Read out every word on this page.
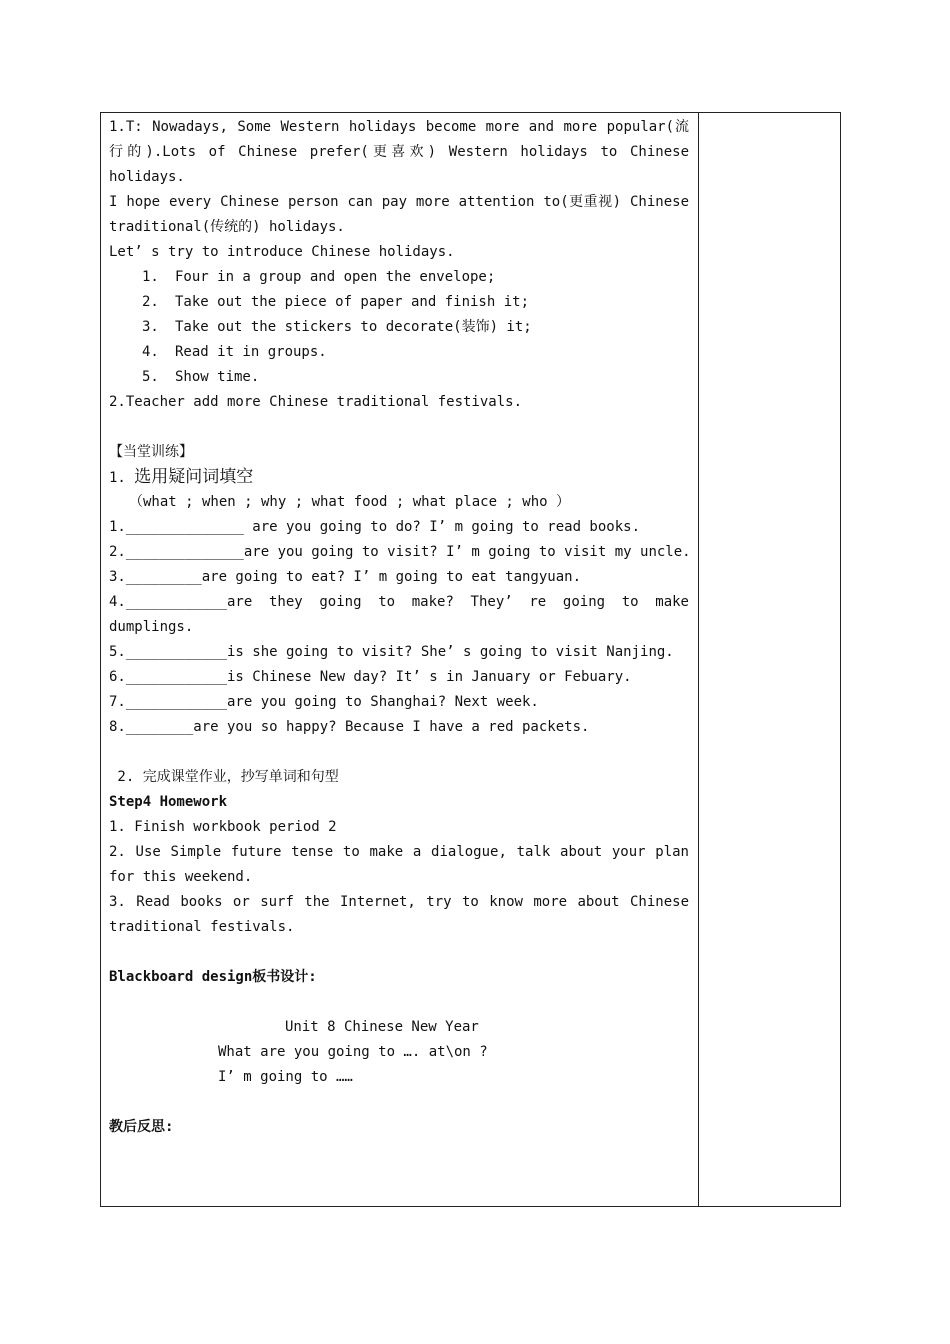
1.T: Nowadays, Some Western holidays become more and more popular(流
行的).Lots of Chinese prefer(更喜欢) Western holidays to Chinese
holidays.
I hope every Chinese person can pay more attention to(更重视) Chinese
traditional(传统的) holidays.
Let’ s try to introduce Chinese holidays.
1. Four in a group and open the envelope;
2. Take out the piece of paper and finish it;
3. Take out the stickers to decorate(装饰) it;
4. Read it in groups.
5. Show time.
2.Teacher add more Chinese traditional festivals.
【当堂训练】
1. 选用疑问词填空
（what ; when ; why ; what food ; what place ; who ）
1.______________ are you going to do? I’ m going to read books.
2.______________are you going to visit? I’ m going to visit my uncle.
3._________are going to eat? I’ m going to eat tangyuan.
4.____________are they going to make? They’ re going to make
dumplings.
5.____________is she going to visit? She’ s going to visit Nanjing.
6.____________is Chinese New day? It’ s in January or Febuary.
7.____________are you going to Shanghai? Next week.
8.________are you so happy? Because I have a red packets.
2. 完成课堂作业，抄写单词和句型
Step4 Homework
1. Finish workbook period 2
2. Use Simple future tense to make a dialogue, talk about your plan
for this weekend.
3. Read books or surf the Internet, try to know more about Chinese
traditional festivals.
Blackboard design板书设计:
Unit 8 Chinese New Year
What are you going to …. at\on ?
I’ m going to ……
教后反思:
